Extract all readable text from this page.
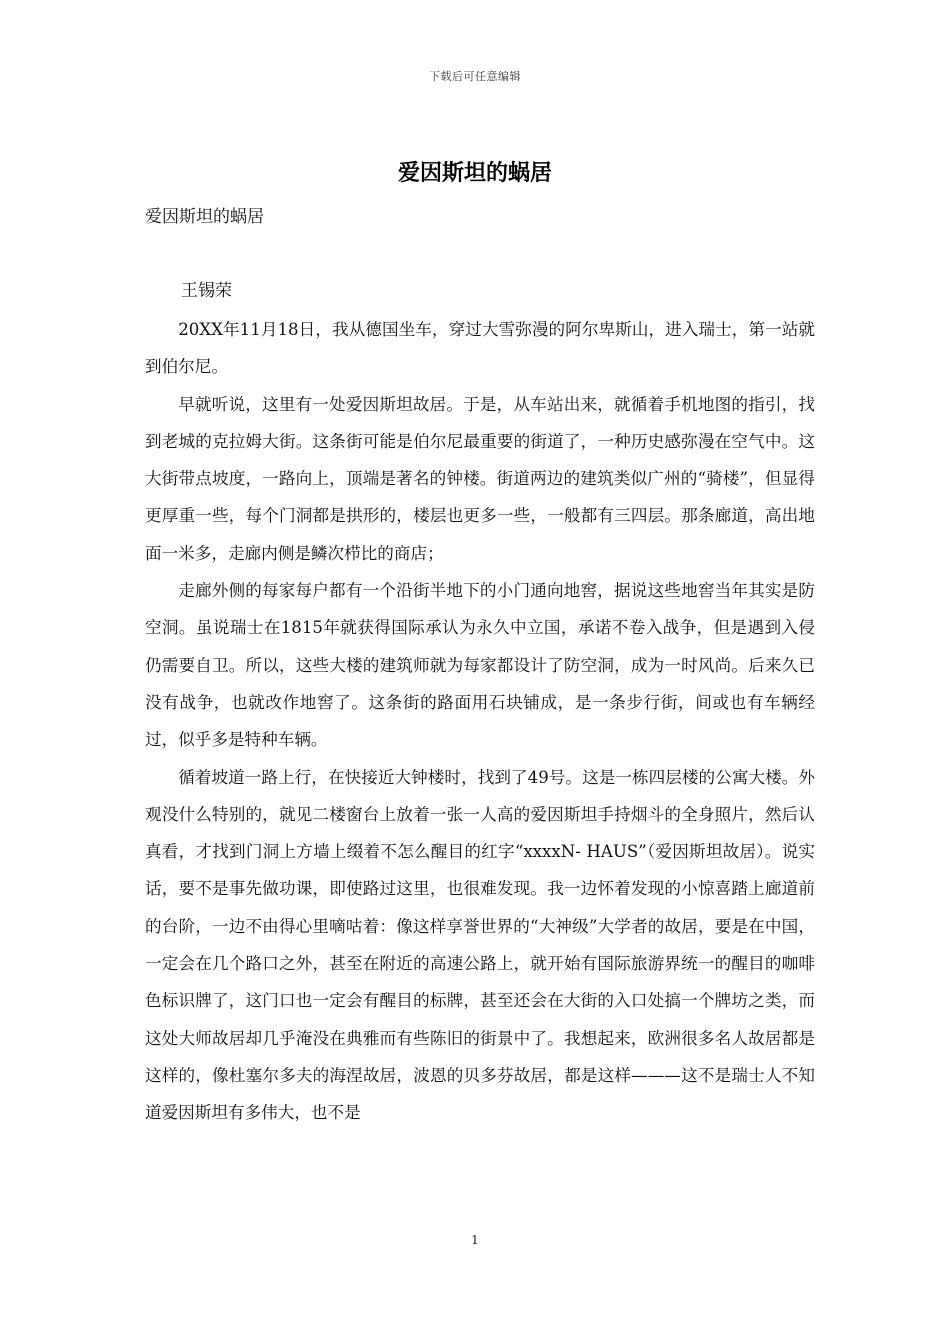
下载后可任意编辑
爱因斯坦的蜗居

爱因斯坦的蜗居

王锡荣

20XX年11月18日，我从德国坐车，穿过大雪弥漫的阿尔卑斯山，进入瑞士，第一站就到伯尔尼。

早就听说，这里有一处爱因斯坦故居。于是，从车站出来，就循着手机地图的指引，找到老城的克拉姆大街。这条街可能是伯尔尼最重要的街道了，一种历史感弥漫在空气中。这大街带点坡度，一路向上，顶端是著名的钟楼。街道两边的建筑类似广州的“骑楼”，但显得更厚重一些，每个门洞都是拱形的，楼层也更多一些，一般都有三四层。那条廊道，高出地面一米多，走廊内侧是鳞次栉比的商店；

走廊外侧的每家每户都有一个沿街半地下的小门通向地窖，据说这些地窖当年其实是防空洞。虽说瑞士在1815年就获得国际承认为永久中立国，承诺不卷入战争，但是遇到入侵仍需要自卫。所以，这些大楼的建筑师就为每家都设计了防空洞，成为一时风尚。后来久已没有战争，也就改作地窖了。这条街的路面用石块铺成，是一条步行街，间或也有车辆经过，似乎多是特种车辆。

循着坡道一路上行，在快接近大钟楼时，找到了49号。这是一栋四层楼的公寓大楼。外观没什么特别的，就见二楼窗台上放着一张一人高的爱因斯坦手持烟斗的全身照片，然后认真看，才找到门洞上方墙上缀着不怎么醒目的红字“xxxxN- HAUS”（爱因斯坦故居）。说实话，要不是事先做功课，即使路过这里，也很难发现。我一边怀着发现的小惊喜踏上廊道前的台阶，一边不由得心里嘀咕着：像这样享誉世界的“大神级”大学者的故居，要是在中国，一定会在几个路口之外，甚至在附近的高速公路上，就开始有国际旅游界统一的醒目的咖啡色标识牌了，这门口也一定会有醒目的标牌，甚至还会在大街的入口处搞一个牌坊之类，而这处大师故居却几乎淹没在典雅而有些陈旧的街景中了。我想起来，欧洲很多名人故居都是这样的，像杜塞尔多夫的海涅故居，波恩的贝多芬故居，都是这样———这不是瑞士人不知道爱因斯坦有多伟大，也不是

1
